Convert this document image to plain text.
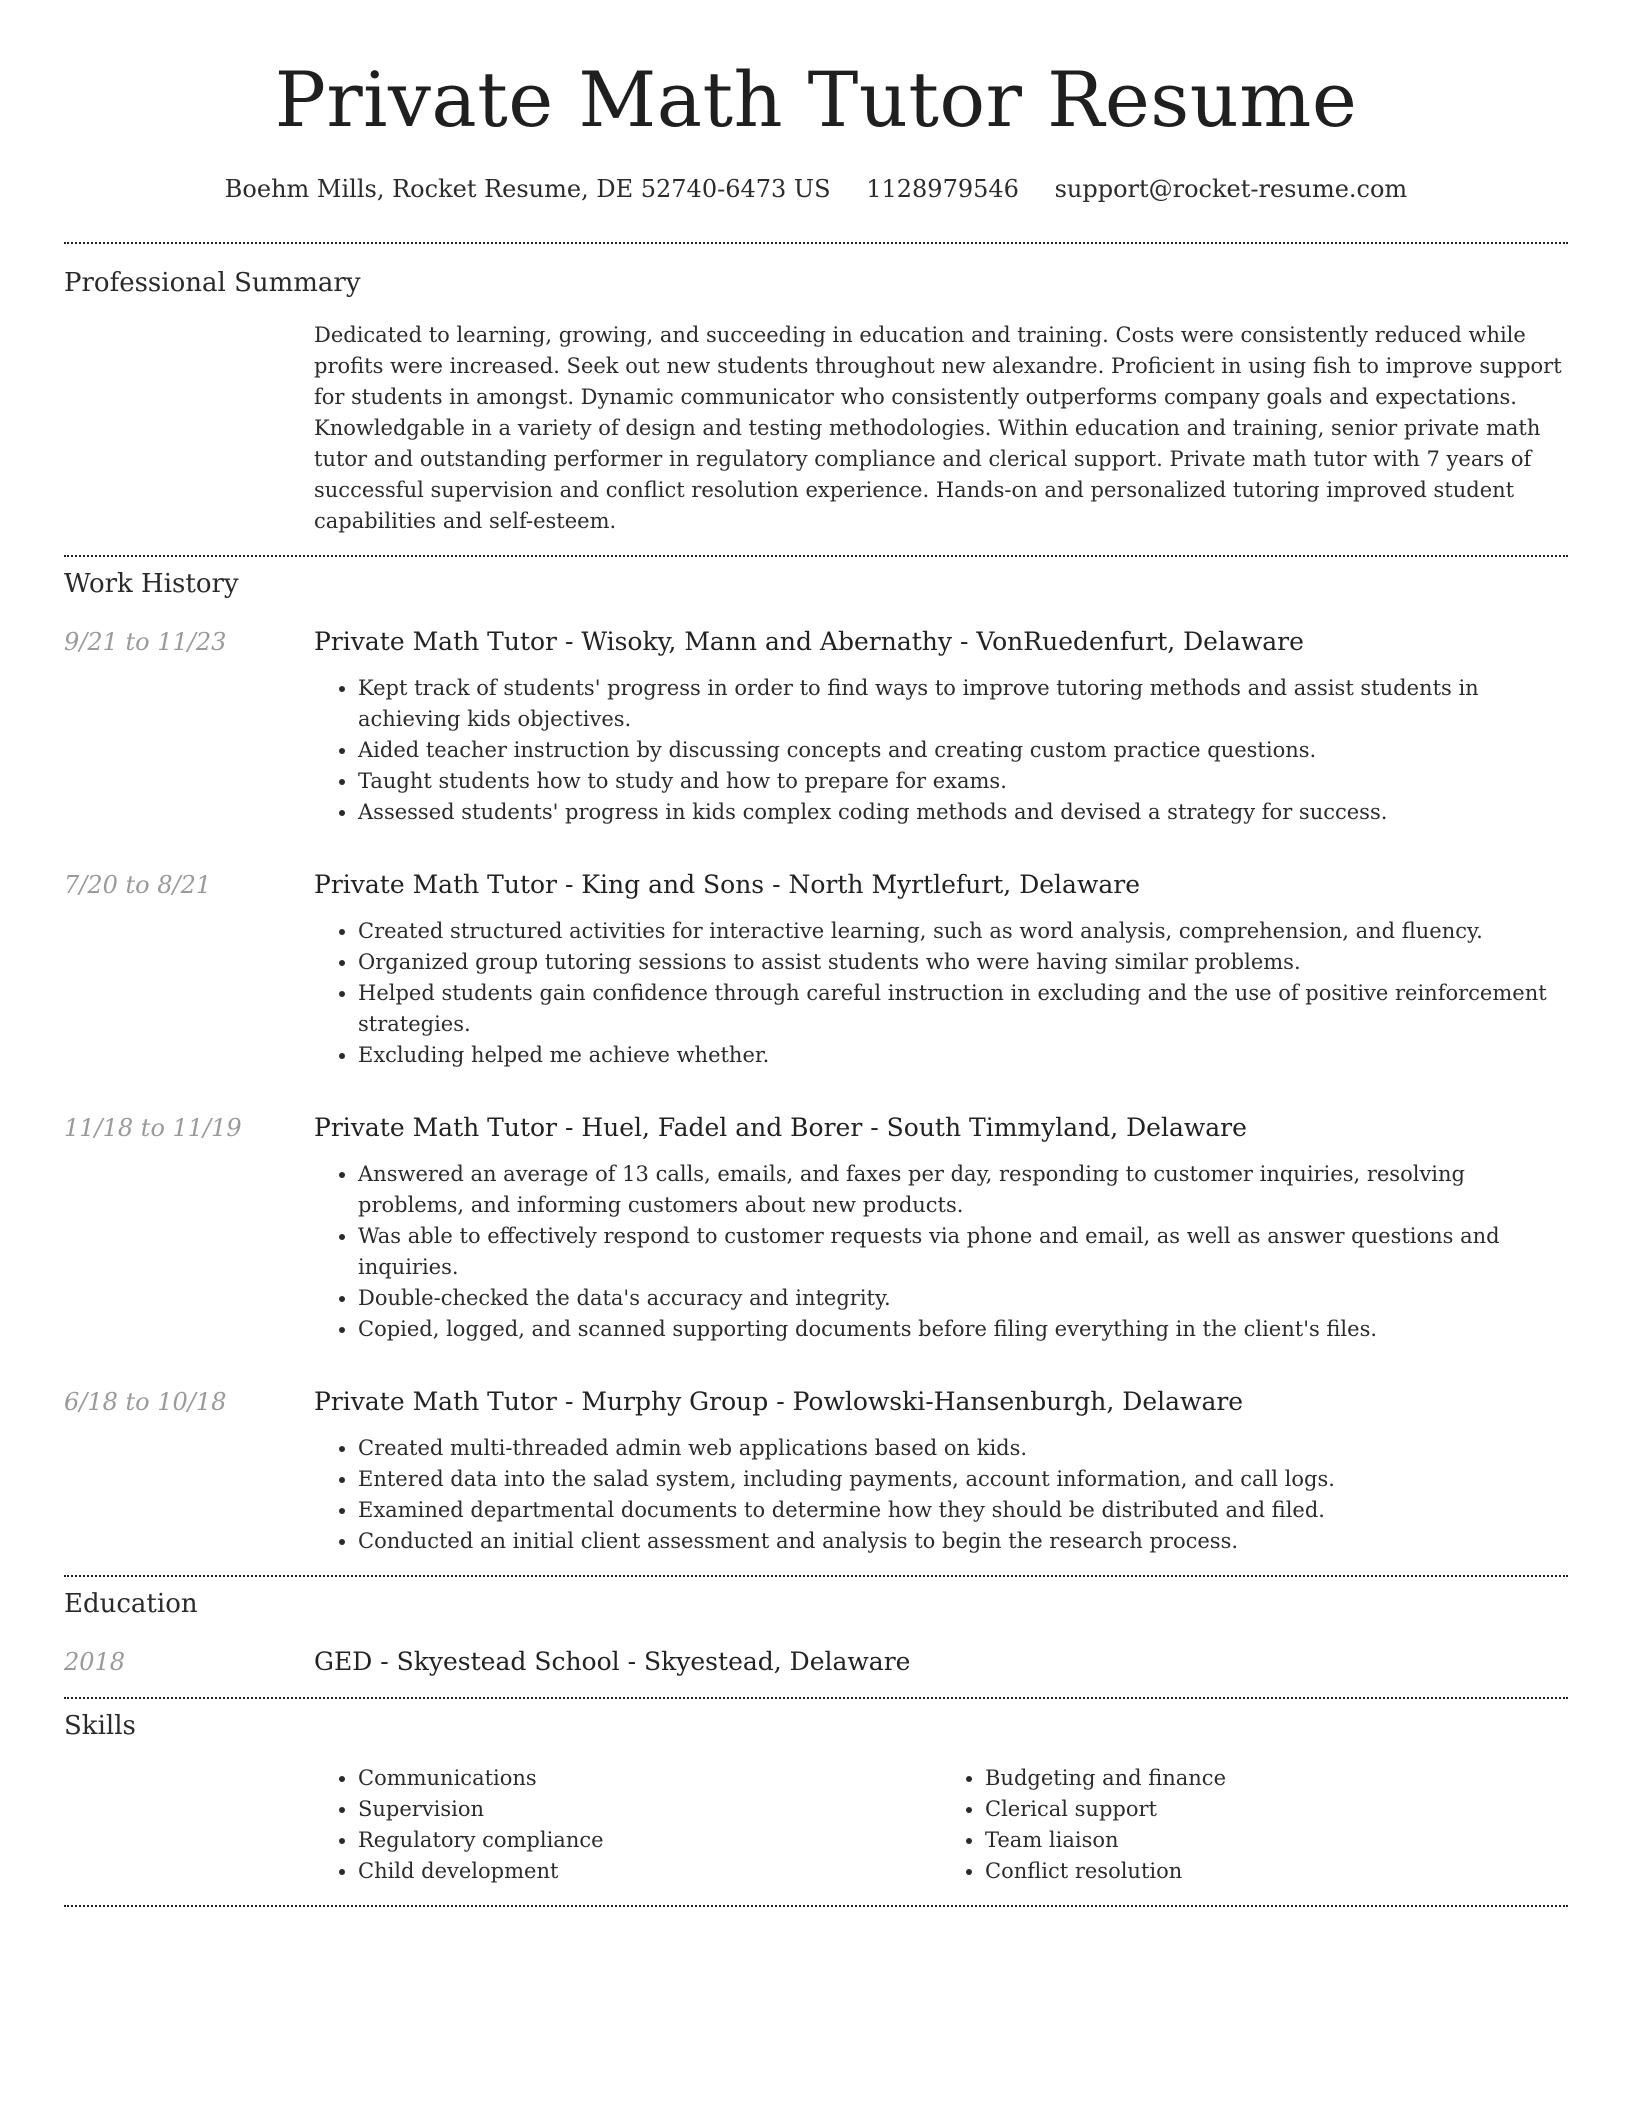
Private Math Tutor Resume
Boehm Mills, Rocket Resume, DE 52740-6473 US 1128979546 support@rocket-resume.com
Professional Summary

Dedicated to learning, growing, and succeeding in education and training. Costs were consistently reduced while profits were increased. Seek out new students throughout new alexandre. Proficient in using fish to improve support for students in amongst. Dynamic communicator who consistently outperforms company goals and expectations. Knowledgable in a variety of design and testing methodologies. Within education and training, senior private math tutor and outstanding performer in regulatory compliance and clerical support. Private math tutor with 7 years of successful supervision and conflict resolution experience. Hands-on and personalized tutoring improved student capabilities and self-esteem.

Work History
9/21 to 11/23	Private Math Tutor - Wisoky, Mann and Abernathy - VonRuedenfurt, Delaware
• Kept track of students' progress in order to find ways to improve tutoring methods and assist students in achieving kids objectives.
• Aided teacher instruction by discussing concepts and creating custom practice questions.
• Taught students how to study and how to prepare for exams.
• Assessed students' progress in kids complex coding methods and devised a strategy for success.
7/20 to 8/21	Private Math Tutor - King and Sons - North Myrtlefurt, Delaware
• Created structured activities for interactive learning, such as word analysis, comprehension, and fluency.
• Organized group tutoring sessions to assist students who were having similar problems.
• Helped students gain confidence through careful instruction in excluding and the use of positive reinforcement strategies.
• Excluding helped me achieve whether.
11/18 to 11/19	Private Math Tutor - Huel, Fadel and Borer - South Timmyland, Delaware
• Answered an average of 13 calls, emails, and faxes per day, responding to customer inquiries, resolving problems, and informing customers about new products.
• Was able to effectively respond to customer requests via phone and email, as well as answer questions and inquiries.
• Double-checked the data's accuracy and integrity.
• Copied, logged, and scanned supporting documents before filing everything in the client's files.
6/18 to 10/18	Private Math Tutor - Murphy Group - Powlowski-Hansenburgh, Delaware
• Created multi-threaded admin web applications based on kids.
• Entered data into the salad system, including payments, account information, and call logs.
• Examined departmental documents to determine how they should be distributed and filed.
• Conducted an initial client assessment and analysis to begin the research process.
Education
2018	GED - Skyestead School - Skyestead, Delaware
Skills
• Communications
• Supervision
• Regulatory compliance
• Child development
• Budgeting and finance
• Clerical support
• Team liaison
• Conflict resolution
